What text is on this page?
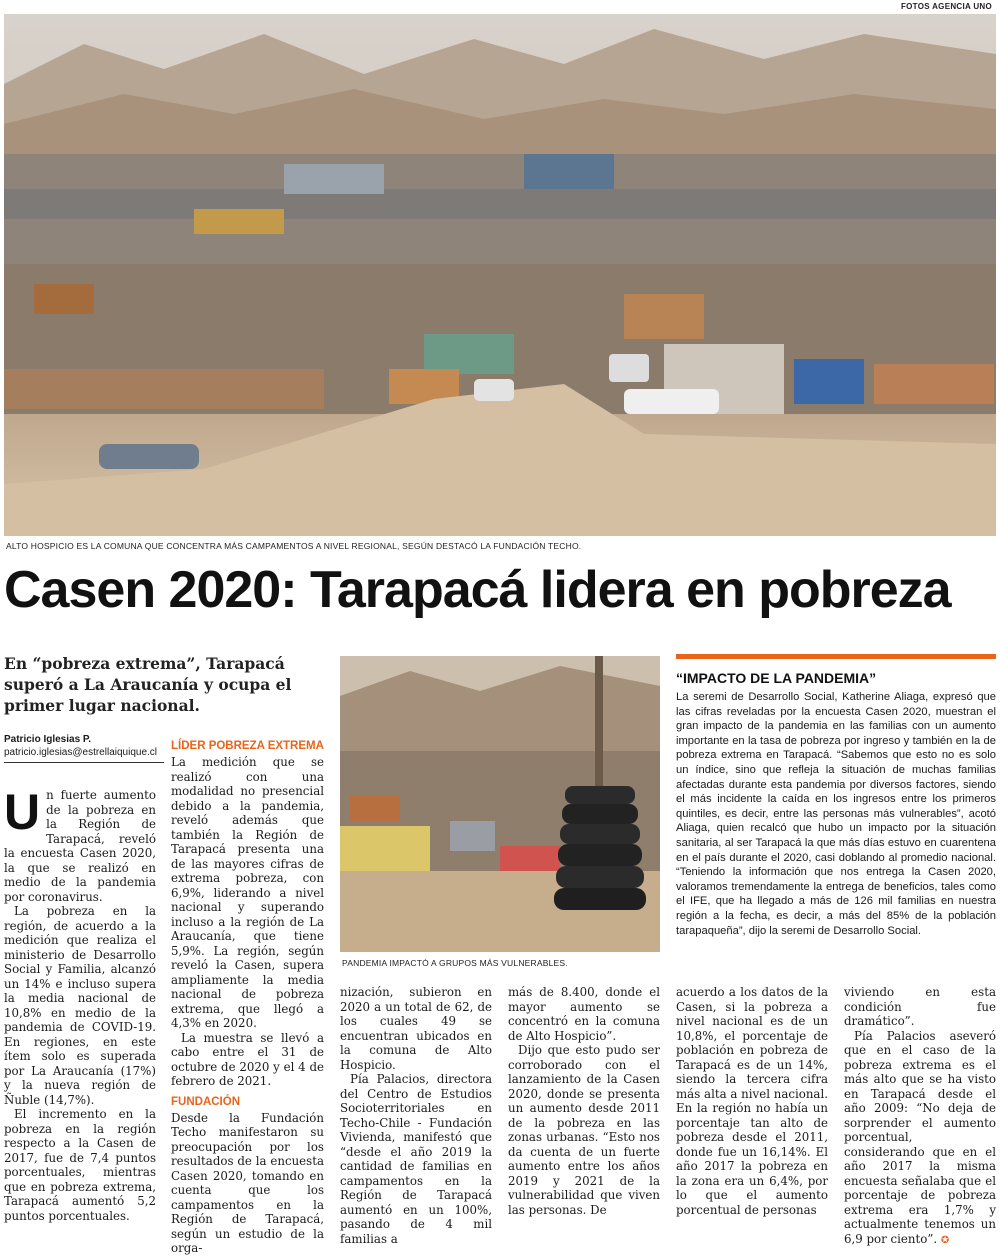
FOTOS AGENCIA UNO
ALTO HOSPICIO ES LA COMUNA QUE CONCENTRA MÁS CAMPAMENTOS A NIVEL REGIONAL, SEGÚN DESTACÓ LA FUNDACIÓN TECHO.
Casen 2020: Tarapacá lidera en pobreza

En “pobreza extrema”, Tarapacá superó a La Araucanía y ocupa el primer lugar nacional.

Patricio Iglesias P.
patricio.iglesias@estrellaiquique.cl

Un fuerte aumento de la pobreza en la Región de Tarapacá, reveló la encuesta Casen 2020, la que se realizó en medio de la pandemia por coronavirus.

La pobreza en la región, de acuerdo a la medición que realiza el ministerio de Desarrollo Social y Familia, alcanzó un 14% e incluso supera la media nacional de 10,8% en medio de la pandemia de COVID-19. En regiones, en este ítem solo es superada por La Araucanía (17%) y la nueva región de Ñuble (14,7%).

El incremento en la pobreza en la región respecto a la Casen de 2017, fue de 7,4 puntos porcentuales, mientras que en pobreza extrema, Tarapacá aumentó 5,2 puntos porcentuales.

LÍDER POBREZA EXTREMA

La medición que se realizó con una modalidad no presencial debido a la pandemia, reveló además que también la Región de Tarapacá presenta una de las mayores cifras de extrema pobreza, con 6,9%, liderando a nivel nacional y superando incluso a la región de La Araucanía, que tiene 5,9%. La región, según reveló la Casen, supera ampliamente la media nacional de pobreza extrema, que llegó a 4,3% en 2020.

La muestra se llevó a cabo entre el 31 de octubre de 2020 y el 4 de febrero de 2021.

FUNDACIÓN

Desde la Fundación Techo manifestaron su preocupación por los resultados de la encuesta Casen 2020, tomando en cuenta que los campamentos en la Región de Tarapacá, según un estudio de la orga-

PANDEMIA IMPACTÓ A GRUPOS MÁS VULNERABLES.

nización, subieron en 2020 a un total de 62, de los cuales 49 se encuentran ubicados en la comuna de Alto Hospicio.

Pía Palacios, directora del Centro de Estudios Socioterritoriales en Techo-Chile - Fundación Vivienda, manifestó que “desde el año 2019 la cantidad de familias en campamentos en la Región de Tarapacá aumentó en un 100%, pasando de 4 mil familias a

más de 8.400, donde el mayor aumento se concentró en la comuna de Alto Hospicio”.

Dijo que esto pudo ser corroborado con el lanzamiento de la Casen 2020, donde se presenta un aumento desde 2011 de la pobreza en las zonas urbanas. “Esto nos da cuenta de un fuerte aumento entre los años 2019 y 2021 de la vulnerabilidad que viven las personas. De

“IMPACTO DE LA PANDEMIA”

La seremi de Desarrollo Social, Katherine Aliaga, expresó que las cifras reveladas por la encuesta Casen 2020, muestran el gran impacto de la pandemia en las familias con un aumento importante en la tasa de pobreza por ingreso y también en la de pobreza extrema en Tarapacá. “Sabemos que esto no es solo un índice, sino que refleja la situación de muchas familias afectadas durante esta pandemia por diversos factores, siendo el más incidente la caída en los ingresos entre los primeros quintiles, es decir, entre las personas más vulnerables”, acotó Aliaga, quien recalcó que hubo un impacto por la situación sanitaria, al ser Tarapacá la que más días estuvo en cuarentena en el país durante el 2020, casi doblando al promedio nacional. “Teniendo la información que nos entrega la Casen 2020, valoramos tremendamente la entrega de beneficios, tales como el IFE, que ha llegado a más de 126 mil familias en nuestra región a la fecha, es decir, a más del 85% de la población tarapaqueña”, dijo la seremi de Desarrollo Social.

acuerdo a los datos de la Casen, si la pobreza a nivel nacional es de un 10,8%, el porcentaje de población en pobreza de Tarapacá es de un 14%, siendo la tercera cifra más alta a nivel nacional. En la región no había un porcentaje tan alto de pobreza desde el 2011, donde fue un 16,14%. El año 2017 la pobreza en la zona era un 6,4%, por lo que el aumento porcentual de personas

viviendo en esta condición fue dramático”.

Pía Palacios aseveró que en el caso de la pobreza extrema es el más alto que se ha visto en Tarapacá desde el año 2009: “No deja de sorprender el aumento porcentual, considerando que en el año 2017 la misma encuesta señalaba que el porcentaje de pobreza extrema era 1,7% y actualmente tenemos un 6,9 por ciento”. ✪
